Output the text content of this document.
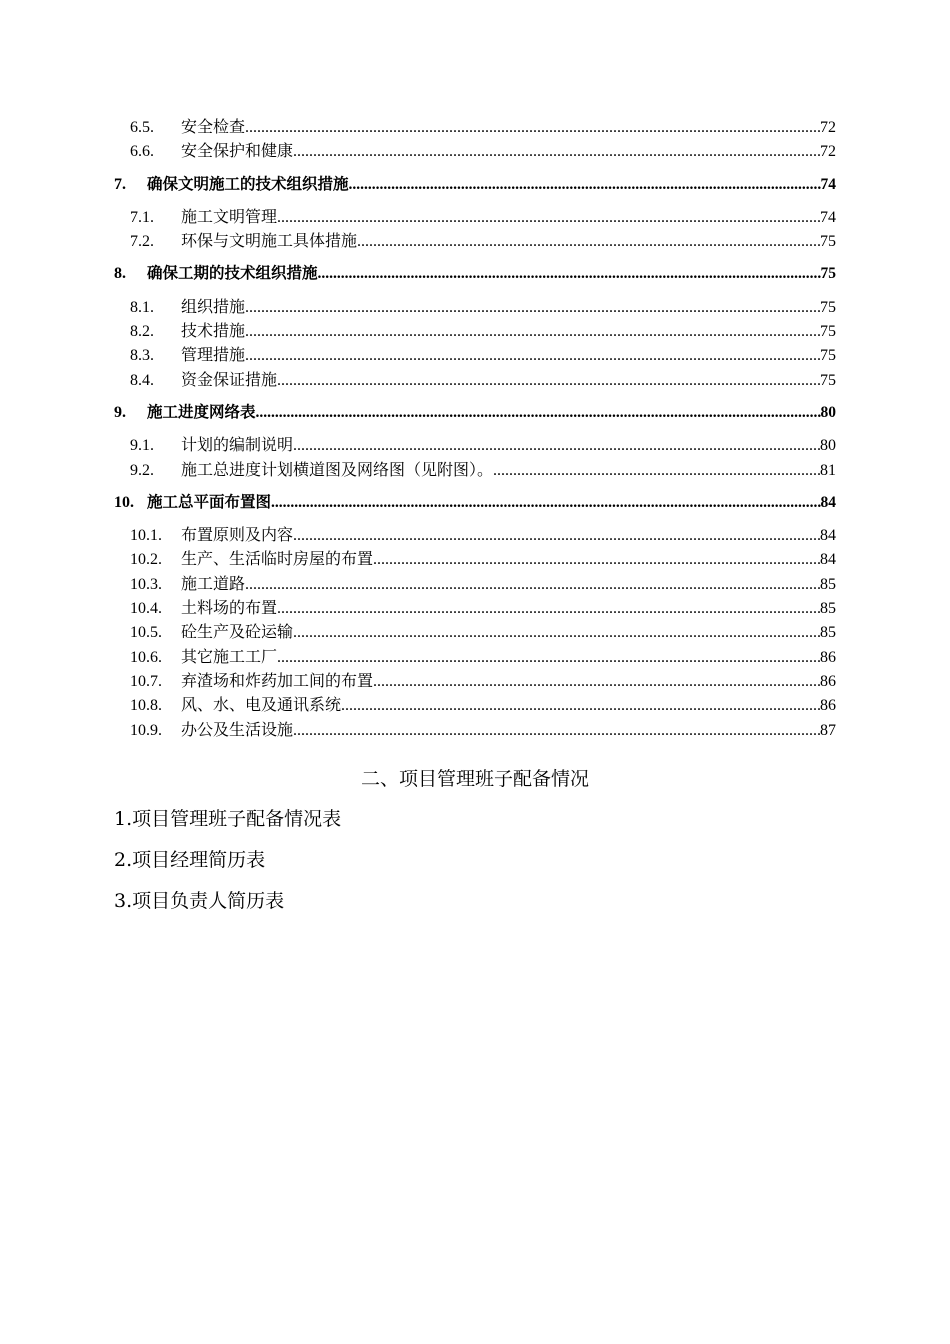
6.5.	安全检查 .....	72
6.6.	安全保护和健康 .....	72
7.	确保文明施工的技术组织措施 .....	74
7.1.	施工文明管理 .....	74
7.2.	环保与文明施工具体措施 .....	75
8.	确保工期的技术组织措施 .....	75
8.1.	组织措施 .....	75
8.2.	技术措施 .....	75
8.3.	管理措施 .....	75
8.4.	资金保证措施 .....	75
9.	施工进度网络表 .....	80
9.1.	计划的编制说明 .....	80
9.2.	施工总进度计划横道图及网络图（见附图）。 .....	81
10. 施工总平面布置图 .....	84
10.1.	布置原则及内容 .....	84
10.2.	生产、生活临时房屋的布置 .....	84
10.3.	施工道路 .....	85
10.4.	土料场的布置 .....	85
10.5.	砼生产及砼运输 .....	85
10.6.	其它施工工厂 .....	86
10.7.	弃渣场和炸药加工间的布置 .....	86
10.8.	风、水、电及通讯系统 .....	86
10.9.	办公及生活设施 .....	87
二、项目管理班子配备情况
1.项目管理班子配备情况表
2.项目经理简历表
3.项目负责人简历表
